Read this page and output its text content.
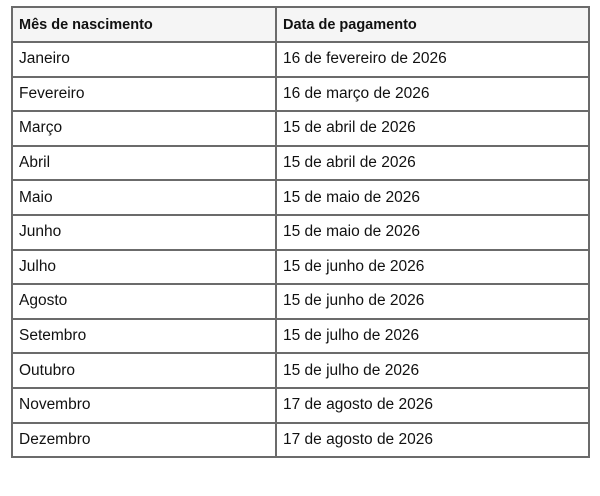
Mês de nascimento	Data de pagamento
Janeiro	16 de fevereiro de 2026
Fevereiro	16 de março de 2026
Março	15 de abril de 2026
Abril	15 de abril de 2026
Maio	15 de maio de 2026
Junho	15 de maio de 2026
Julho	15 de junho de 2026
Agosto	15 de junho de 2026
Setembro	15 de julho de 2026
Outubro	15 de julho de 2026
Novembro	17 de agosto de 2026
Dezembro	17 de agosto de 2026
